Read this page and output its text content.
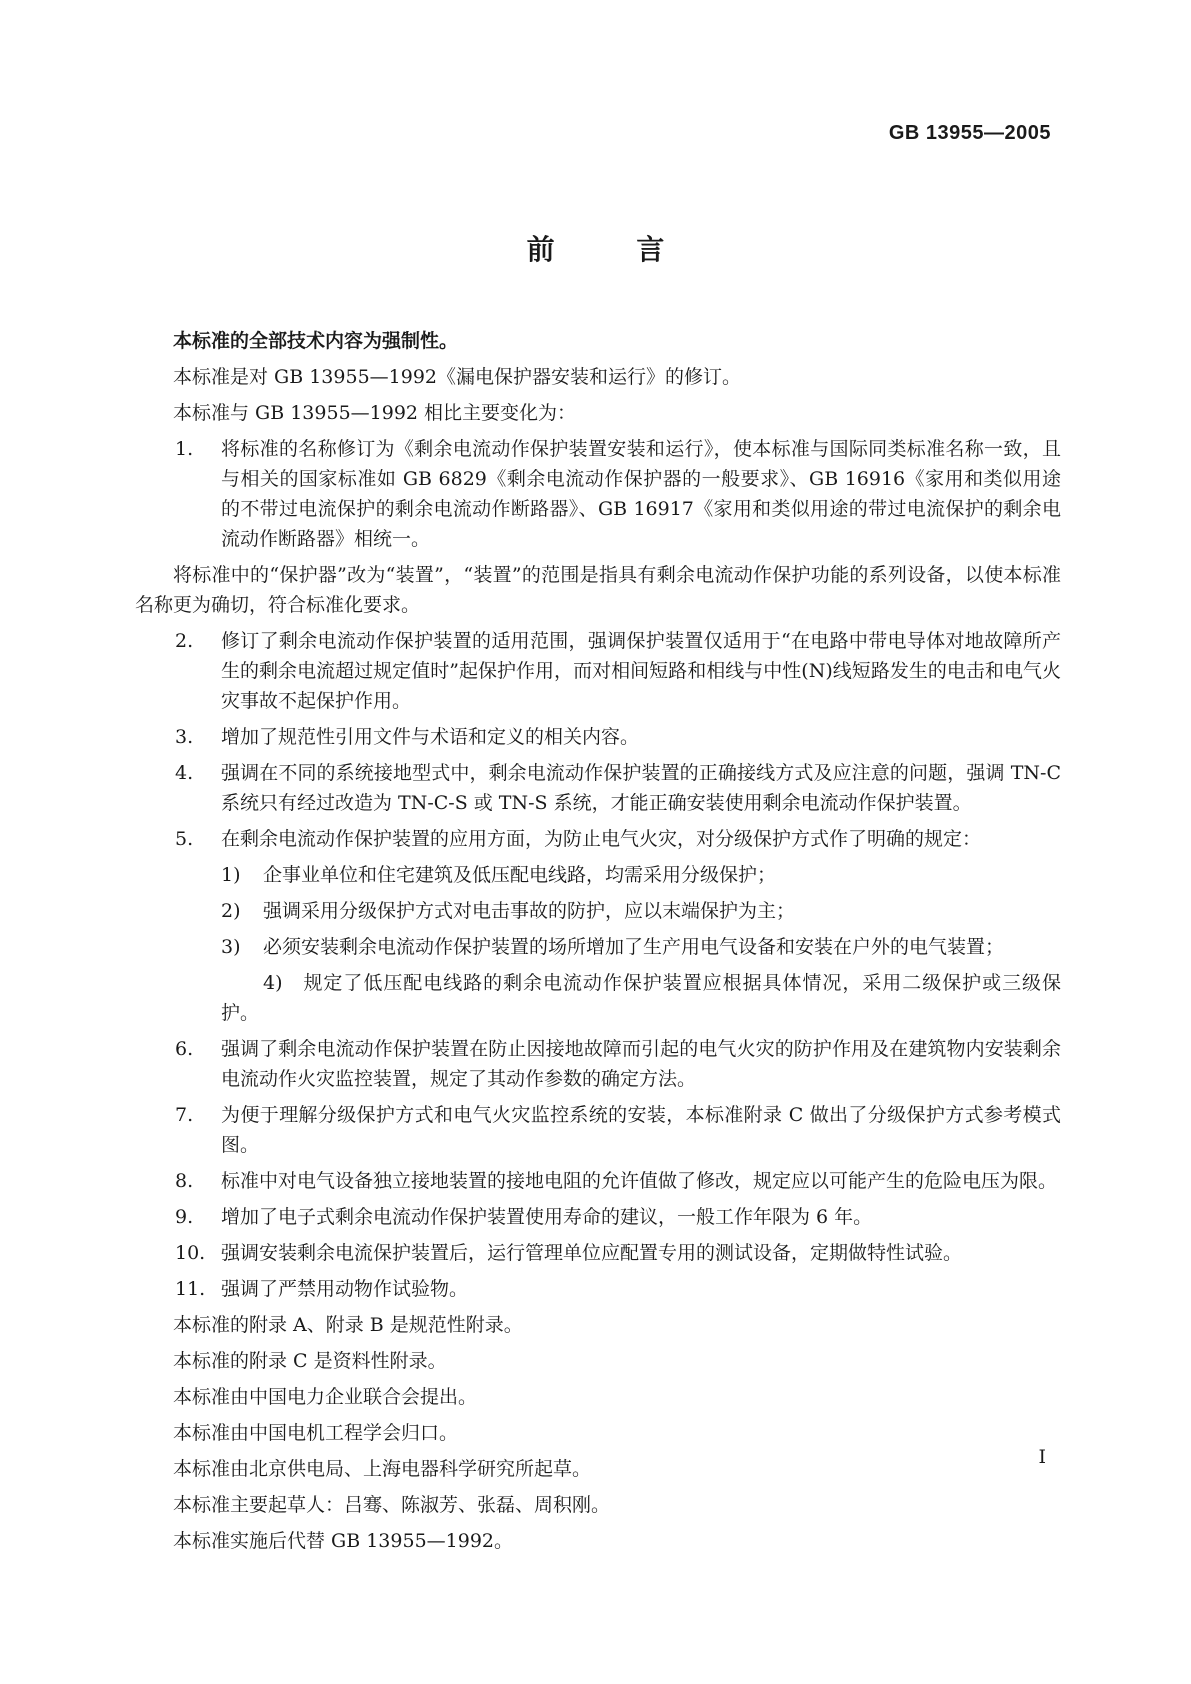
GB 13955—2005
前 言

本标准的全部技术内容为强制性。

本标准是对 GB 13955—1992《漏电保护器安装和运行》的修订。

本标准与 GB 13955—1992 相比主要变化为：

1. 将标准的名称修订为《剩余电流动作保护装置安装和运行》，使本标准与国际同类标准名称一致，且与相关的国家标准如 GB 6829《剩余电流动作保护器的一般要求》、GB 16916《家用和类似用途的不带过电流保护的剩余电流动作断路器》、GB 16917《家用和类似用途的带过电流保护的剩余电流动作断路器》相统一。

将标准中的“保护器”改为“装置”，“装置”的范围是指具有剩余电流动作保护功能的系列设备，以使本标准名称更为确切，符合标准化要求。

2. 修订了剩余电流动作保护装置的适用范围，强调保护装置仅适用于“在电路中带电导体对地故障所产生的剩余电流超过规定值时”起保护作用，而对相间短路和相线与中性(N)线短路发生的电击和电气火灾事故不起保护作用。
3. 增加了规范性引用文件与术语和定义的相关内容。
4. 强调在不同的系统接地型式中，剩余电流动作保护装置的正确接线方式及应注意的问题，强调 TN-C 系统只有经过改造为 TN-C-S 或 TN-S 系统，才能正确安装使用剩余电流动作保护装置。
5. 在剩余电流动作保护装置的应用方面，为防止电气火灾，对分级保护方式作了明确的规定：
1) 企事业单位和住宅建筑及低压配电线路，均需采用分级保护；
2) 强调采用分级保护方式对电击事故的防护，应以末端保护为主；
3) 必须安装剩余电流动作保护装置的场所增加了生产用电气设备和安装在户外的电气装置；
4) 规定了低压配电线路的剩余电流动作保护装置应根据具体情况，采用二级保护或三级保护。
6. 强调了剩余电流动作保护装置在防止因接地故障而引起的电气火灾的防护作用及在建筑物内安装剩余电流动作火灾监控装置，规定了其动作参数的确定方法。
7. 为便于理解分级保护方式和电气火灾监控系统的安装，本标准附录 C 做出了分级保护方式参考模式图。
8. 标准中对电气设备独立接地装置的接地电阻的允许值做了修改，规定应以可能产生的危险电压为限。
9. 增加了电子式剩余电流动作保护装置使用寿命的建议，一般工作年限为 6 年。
10. 强调安装剩余电流保护装置后，运行管理单位应配置专用的测试设备，定期做特性试验。
11. 强调了严禁用动物作试验物。

本标准的附录 A、附录 B 是规范性附录。

本标准的附录 C 是资料性附录。

本标准由中国电力企业联合会提出。

本标准由中国电机工程学会归口。

本标准由北京供电局、上海电器科学研究所起草。

本标准主要起草人：吕骞、陈淑芳、张磊、周积刚。

本标准实施后代替 GB 13955—1992。

I
